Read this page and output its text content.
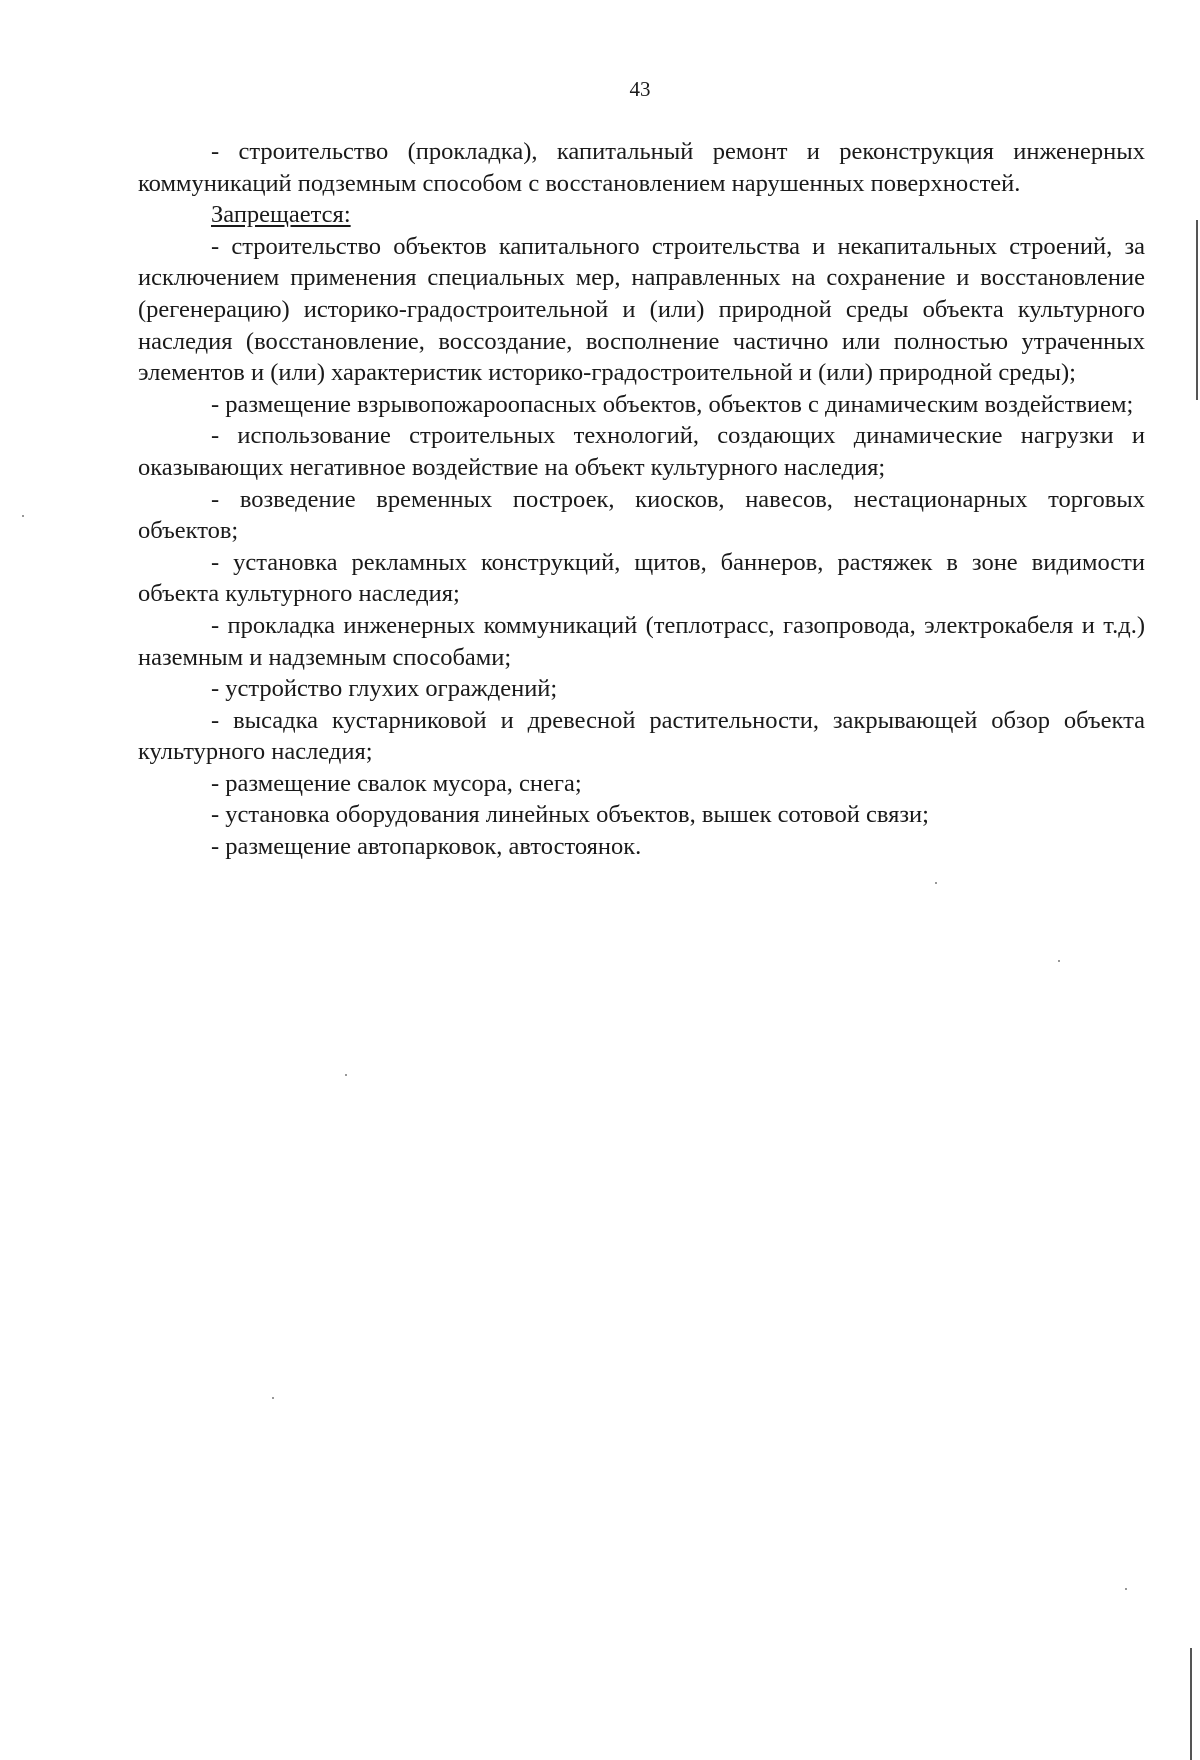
43

- строительство (прокладка), капитальный ремонт и реконструкция инженерных коммуникаций подземным способом с восстановлением нарушенных поверхностей.

Запрещается:

- строительство объектов капитального строительства и некапитальных строений, за исключением применения специальных мер, направленных на сохранение и восстановление (регенерацию) историко-градостроительной и (или) природной среды объекта культурного наследия (восстановление, воссоздание, восполнение частично или полностью утраченных элементов и (или) характеристик историко-градостроительной и (или) природной среды);

- размещение взрывопожароопасных объектов, объектов с динамическим воздействием;

- использование строительных технологий, создающих динамические нагрузки и оказывающих негативное воздействие на объект культурного наследия;

- возведение временных построек, киосков, навесов, нестационарных торговых объектов;

- установка рекламных конструкций, щитов, баннеров, растяжек в зоне видимости объекта культурного наследия;

- прокладка инженерных коммуникаций (теплотрасс, газопровода, электрокабеля и т.д.) наземным и надземным способами;

- устройство глухих ограждений;

- высадка кустарниковой и древесной растительности, закрывающей обзор объекта культурного наследия;

- размещение свалок мусора, снега;

- установка оборудования линейных объектов, вышек сотовой связи;

- размещение автопарковок, автостоянок.
